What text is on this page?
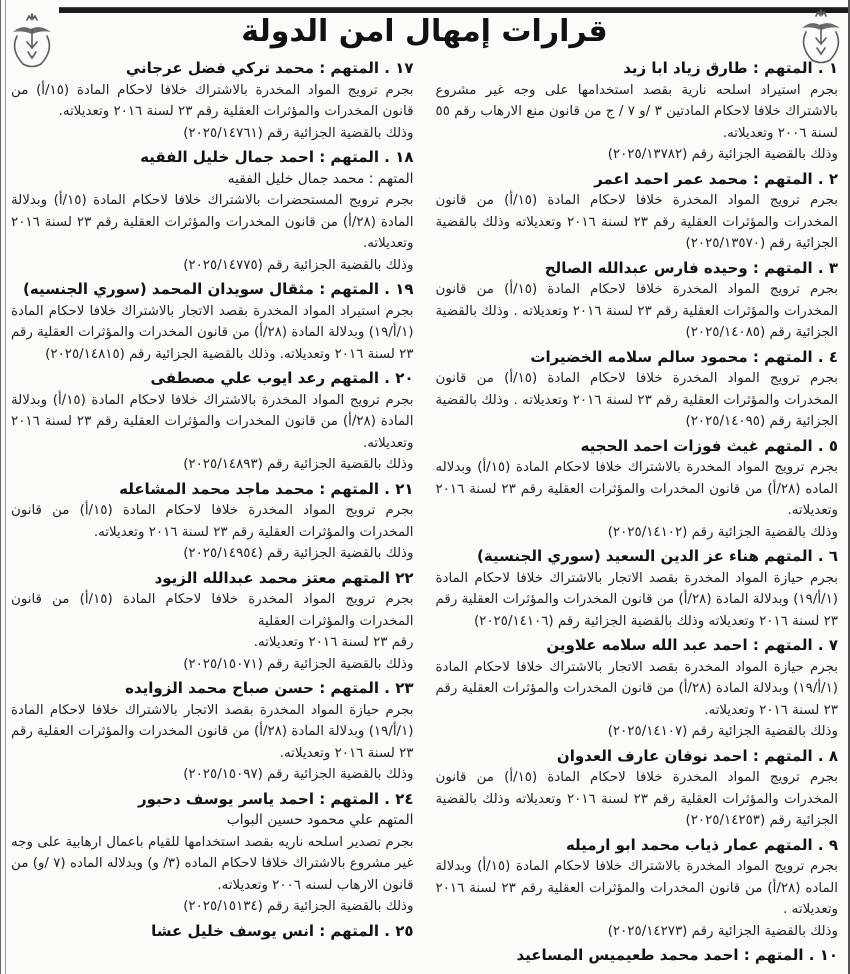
قرارات إمهال امن الدولة
١ . المتهم : طارق زياد ابا زيد
بجرم استيراد اسلحه نارية بقصد استخدامها على وجه غير مشروع بالاشتراك خلافا لاحكام المادتين ٣ /و ٧ / ج من قانون منع الارهاب رقم ٥٥ لسنة ٢٠٠٦ وتعديلاته.
وذلك بالقضية الجزائية رقم (٢٠٢٥/١٣٧٨٢)
٢ . المتهم : محمد عمر احمد اعمر
بجرم ترويج المواد المخدرة خلافا لاحكام المادة (١٥/أ) من قانون المخدرات والمؤثرات العقلية رقم ٢٣ لسنة ٢٠١٦ وتعديلاته وذلك بالقضية الجزائية رقم (٢٠٢٥/١٣٥٧٠)
٣ . المتهم : وحيده فارس عبدالله الصالح
بجرم ترويج المواد المخدرة خلافا لاحكام المادة (١٥/أ) من قانون المخدرات والمؤثرات العقلية رقم ٢٣ لسنة ٢٠١٦ وتعديلاته . وذلك بالقضية الجزائية رقم (٢٠٢٥/١٤٠٨٥)
٤ . المتهم : محمود سالم سلامه الخضيرات
بجرم ترويج المواد المخدرة خلافا لاحكام المادة (١٥/أ) من قانون المخدرات والمؤثرات العقلية رقم ٢٣ لسنة ٢٠١٦ وتعديلاته . وذلك بالقضية الجزائية رقم (٢٠٢٥/١٤٠٩٥)
٥ . المتهم غيث فوزات احمد الحجيه
بجرم ترويج المواد المخدرة بالاشتراك خلافا لاحكام المادة (١٥/أ) وبدلاله الماده (٢٨/أ) من قانون المخدرات والمؤثرات العقلية رقم ٢٣ لسنة ٢٠١٦ وتعديلاته.
وذلك بالقضية الجزائية رقم (٢٠٢٥/١٤١٠٢)
٦ . المتهم هناء عز الدين السعيد (سوري الجنسية)
بجرم حيازة المواد المخدرة بقصد الاتجار بالاشتراك خلافا لاحكام المادة (١/أ/١٩) وبدلالة المادة (٢٨/أ) من قانون المخدرات والمؤثرات العقلية رقم ٢٣ لسنة ٢٠١٦ وتعديلاته وذلك بالقضية الجزائية رقم (٢٠٢٥/١٤١٠٦)
٧ . المتهم : احمد عبد الله سلامه علاوين
بجرم حيازة المواد المخدرة بقصد الاتجار بالاشتراك خلافا لاحكام المادة (١/أ/١٩) وبدلالة المادة (٢٨/أ) من قانون المخدرات والمؤثرات العقلية رقم ٢٣ لسنة ٢٠١٦ وتعديلاته.
وذلك بالقضية الجزائية رقم (٢٠٢٥/١٤١٠٧)
٨ . المتهم : احمد نوفان عارف العدوان
بجرم ترويج المواد المخدرة خلافا لاحكام المادة (١٥/أ) من قانون المخدرات والمؤثرات العقلية رقم ٢٣ لسنة ٢٠١٦ وتعديلاته وذلك بالقضية الجزائية رقم (٢٠٢٥/١٤٢٥٣)
٩ . المتهم عمار ذياب محمد ابو ارميله
بجرم ترويج المواد المخدرة بالاشتراك خلافا لاحكام المادة (١٥/أ) وبدلالة الماده (٢٨/أ) من قانون المخدرات والمؤثرات العقلية رقم ٢٣ لسنة ٢٠١٦ وتعديلاته .
وذلك بالقضية الجزائية رقم (٢٠٢٥/١٤٢٧٣)
١٠ . المتهم : احمد محمد طعيميس المساعيد
١٧ . المتهم : محمد تركي فضل عرجاني
بجرم ترويج المواد المخدرة بالاشتراك خلافا لاحكام المادة (١٥/أ) من قانون المخدرات والمؤثرات العقلية رقم ٢٣ لسنة ٢٠١٦ وتعديلاته.
وذلك بالقضية الجزائية رقم (٢٠٢٥/١٤٧٦١)
١٨ . المتهم : احمد جمال خليل الفقيه
المتهم : محمد جمال خليل الفقيه
بجرم ترويج المستحضرات بالاشتراك خلافا لاحكام المادة (١٥/أ) وبدلالة المادة (٢٨/أ) من قانون المخدرات والمؤثرات العقلية رقم ٢٣ لسنة ٢٠١٦ وتعديلاته.
وذلك بالقضية الجزائية رقم (٢٠٢٥/١٤٧٧٥)
١٩ . المتهم : مثقال سويدان المحمد (سوري الجنسيه)
بجرم استيراد المواد المخدرة بقصد الاتجار بالاشتراك خلافا لاحكام المادة (١/أ/١٩) وبدلالة المادة (٢٨/أ) من قانون المخدرات والمؤثرات العقلية رقم ٢٣ لسنة ٢٠١٦ وتعديلاته. وذلك بالقضية الجزائية رقم (٢٠٢٥/١٤٨١٥)
٢٠ . المتهم رعد ايوب علي مصطفى
بجرم ترويج المواد المخدرة بالاشتراك خلافا لاحكام المادة (١٥/أ) وبدلالة المادة (٢٨/أ) من قانون المخدرات والمؤثرات العقلية رقم ٢٣ لسنة ٢٠١٦ وتعديلاته.
وذلك بالقضية الجزائية رقم (٢٠٢٥/١٤٨٩٣)
٢١ . المتهم : محمد ماجد محمد المشاعله
بجرم ترويج المواد المخدرة خلافا لاحكام المادة (١٥/أ) من قانون المخدرات والمؤثرات العقلية رقم ٢٣ لسنة ٢٠١٦ وتعديلاته.
وذلك بالقضية الجزائية رقم (٢٠٢٥/١٤٩٥٤)
٢٢ المتهم معتز محمد عبدالله الزيود
بجرم ترويج المواد المخدرة خلافا لاحكام المادة (١٥/أ) من قانون المخدرات والمؤثرات العقلية
رقم ٢٣ لسنة ٢٠١٦ وتعديلاته.
وذلك بالقضية الجزائية رقم (٢٠٢٥/١٥٠٧١)
٢٣ . المتهم : حسن صباح محمد الزوايده
بجرم حيازة المواد المخدرة بقصد الاتجار بالاشتراك خلافا لاحكام المادة (١/أ/١٩) وبدلالة المادة (٢٨/أ) من قانون المخدرات والمؤثرات العقلية رقم ٢٣ لسنة ٢٠١٦ وتعديلاته.
وذلك بالقضية الجزائية رقم (٢٠٢٥/١٥٠٩٧)
٢٤ . المتهم : احمد ياسر يوسف دحبور
المتهم علي محمود حسين البواب
بجرم تصدير اسلحه ناريه بقصد استخدامها للقيام باعمال ارهابية على وجه غير مشروع بالاشتراك خلافا لاحكام الماده (٣/ و) وبدلاله الماده (٧ /و) من قانون الارهاب لسنه ٢٠٠٦ وتعديلاته.
وذلك بالقضية الجزائية رقم (٢٠٢٥/١٥١٣٤)
٢٥ . المتهم : انس يوسف خليل عشا
